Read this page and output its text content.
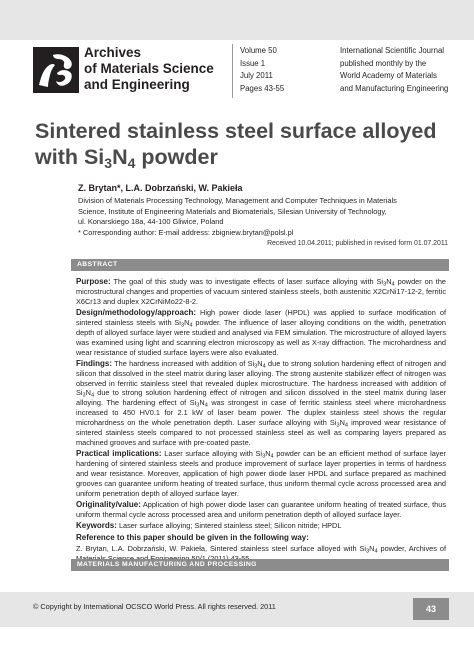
Archives
of Materials Science
and Engineering
Volume 50
Issue 1
July 2011
Pages 43-55
International Scientific Journal
published monthly by the
World Academy of Materials
and Manufacturing Engineering
Sintered stainless steel surface alloyed
with $Si_3N_4$ powder
Z. Brytan*, L.A. Dobrzański, W. Pakieła
Division of Materials Processing Technology, Management and Computer Techniques in Materials
Science, Institute of Engineering Materials and Biomaterials, Silesian University of Technology,
ul. Konarskiego 18a, 44-100 Gliwice, Poland
* Corresponding author: E-mail address: zbigniew.brytan@polsl.pl
Received 10.04.2011; published in revised form 01.07.2011
ABSTRACT

Purpose: The goal of this study was to investigate effects of laser surface alloying with $Si_3N_4$ powder on the microstructural changes and properties of vacuum sintered stainless steels, both austenitic X2CrNi17-12-2, ferritic X6Cr13 and duplex X2CrNiMo22-8-2.

Design/methodology/approach: High power diode laser (HPDL) was applied to surface modification of sintered stainless steels with $Si_3N_4$ powder. The influence of laser alloying conditions on the width, penetration depth of alloyed surface layer were studied and analysed via FEM simulation. The microstructure of alloyed layers was examined using light and scanning electron microscopy as well as X-ray diffraction. The microhardness and wear resistance of studied surface layers were also evaluated.

Findings: The hardness increased with addition of $Si_3N_4$ due to strong solution hardening effect of nitrogen and silicon that dissolved in the steel matrix during laser alloying. The strong austenite stabilizer effect of nitrogen was observed in ferritic stainless steel that revealed duplex microstructure. The hardness increased with addition of $Si_3N_4$ due to strong solution hardening effect of nitrogen and silicon dissolved in the steel matrix during laser alloying. The hardening effect of $Si_3N_4$ was strongest in case of ferritic stainless steel where microhardness increased to 450 HV0.1 for 2.1 kW of laser beam power. The duplex stainless steel shows the regular microhardness on the whole penetration depth. Laser surface alloying with $Si_3N_4$ improved wear resistance of sintered stainless steels compared to not processed stainless steel as well as comparing layers prepared as machined grooves and surface with pre-coated paste.

Practical implications: Laser surface alloying with $Si_3N_4$ powder can be an efficient method of surface layer hardening of sintered stainless steels and produce improvement of surface layer properties in terms of hardness and wear resistance. Moreover, application of high power diode laser HPDL and surface prepared as machined grooves can guarantee uniform heating of treated surface, thus uniform thermal cycle across processed area and uniform penetration depth of alloyed surface layer.

Originality/value: Application of high power diode laser can guarantee uniform heating of treated surface, thus uniform thermal cycle across processed area and uniform penetration depth of alloyed surface layer.

Keywords: Laser surface alloying; Sintered stainless steel; Silicon nitride; HPDL

Reference to this paper should be given in the following way:

Z. Brytan, L.A. Dobrzański, W. Pakieła, Sintered stainless steel surface alloyed with $Si_3N_4$ powder, Archives of

MATERIALS MANUFACTURING AND PROCESSING
© Copyright by International OCSCO World Press. All rights reserved. 2011	43
